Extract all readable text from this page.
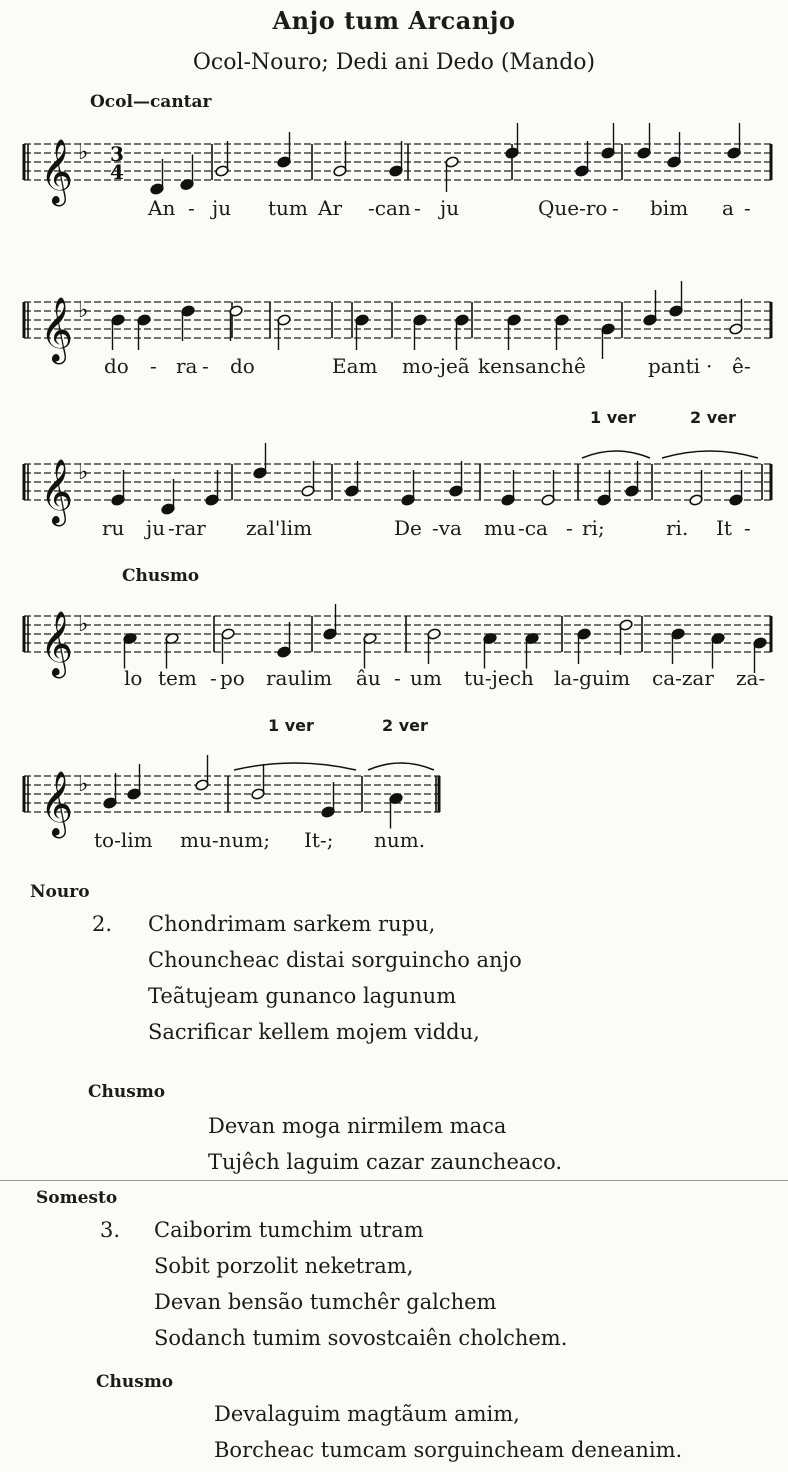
Anjo tum Arcanjo
Ocol-Nouro; Dedi ani Dedo (Mando)
Ocol—cantar
𝄞 ♭ 3
4
An - ju tum Ar -can - ju	Que-ro - bim a -
𝄞 ♭
do - ra - do	Eam mo-jeã kensanchê	panti · ê -
1 ver	2 ver
𝄞 ♭
ru ju -rar zal'lim	De -va mu -ca - ri;	ri. It -
Chusmo
𝄞 ♭
lo tem - po raulim âu - um tu-jech la-guim ca-zar za-
1 ver	2 ver
𝄞 ♭
to-lim mu-num; It-; num.
Nouro
2. Chondrimam sarkem rupu,
Chouncheac distai sorguincho anjo
Teãtujeam gunanco lagunum
Sacrificar kellem mojem viddu,
Chusmo
Devan moga nirmilem maca
Tujêch laguim cazar zauncheaco.
Somesto
3. Caiborim tumchim utram
Sobit porzolit neketram,
Devan bensão tumchêr galchem
Sodanch tumim sovostcaiên cholchem.
Chusmo
Devalaguim magtãum amim,
Borcheac tumcam sorguincheam deneanim.
